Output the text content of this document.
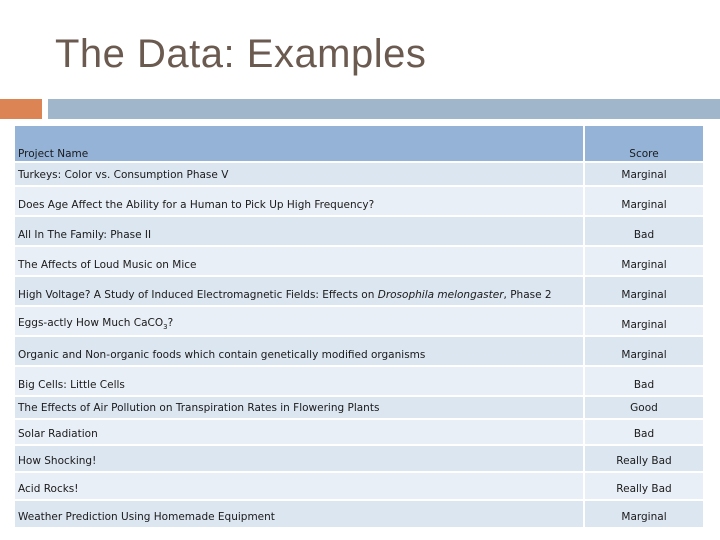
The Data: Examples
Project Name	Score
Turkeys: Color vs. Consumption Phase V	Marginal
Does Age Affect the Ability for a Human to Pick Up High Frequency?	Marginal
All In The Family: Phase II	Bad
The Affects of Loud Music on Mice	Marginal
High Voltage? A Study of Induced Electromagnetic Fields: Effects on Drosophila melongaster, Phase 2	Marginal
Eggs-actly How Much CaCO$_3$?	Marginal
Organic and Non-organic foods which contain genetically modified organisms	Marginal
Big Cells: Little Cells	Bad
The Effects of Air Pollution on Transpiration Rates in Flowering Plants	Good
Solar Radiation	Bad
How Shocking!	Really Bad
Acid Rocks!	Really Bad
Weather Prediction Using Homemade Equipment	Marginal
